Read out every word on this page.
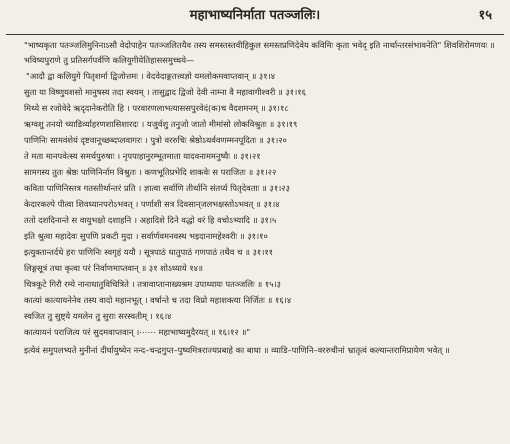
महाभाष्यनिर्माता पतञ्जलिः।	१५
"भाष्यकृता पतञ्जलिमुनिनाऽसौ वेदोपाहेन पतञ्जलितयैव तस्य समस्तस्तवीहिकुल समस्तप्रणिदेवेय कविमिः कृता भवेद् इति नार्थान्तरसंभावनेति" शिवशिरोमणयः ॥
भविष्यपुराणे तु प्रतिसर्गपर्वणि कलियुगीयेतिहाससमुच्चये—
"आदौ द्वा कलियुगे पितृशर्मा द्विजोत्तमः । वेदवेदाङ्गतत्त्वज्ञो यमलोकमवाप्तवान्‌ ॥ ३१।४
सुता या विष्णुयशसो मानुषस्य तदा स्वयम्‌ । तासुद्वाद द्विजो देवी नाम्ना वै महावागीश्वरी ॥ ३१।१६
मिथ्ये स रजोवेदे ऋदृदानेकरोति हि । परवारणलाभत्याससपुरवेदं(क)च वैदशमनम्‌ ॥ ३१।१८
ऋग्वशु तनयो च्याडिर्व्याहरणशासिशारदः । यजुर्वशु तनुजो जातो मीमांसो लोकविश्रुतः ॥ ३१।१९
पाणिनिः सामवंशेयं दृष्टवानूच्छब्दप्लवागरः । पुत्रो वररुचिः श्रेष्ठोऽथर्ववणम्मनपूदितः ॥ ३१।२०
ते मता मानपवेत्स्य समर्थपुरुषाः । नृपपाहानुरम्भूतमाता यादवनाममनुष्यैः ॥ ३१।२१
सामगस्य तुतः श्रेष्ठः पाणिनिर्नाम विश्रुतः । कणभूतिप्रभेदि शाकवेः स पराजितः ॥ ३१।२२
कविता पाणिनिस्तत्र गतस्तीर्थान्तरं प्रति । ज्ञात्वा सर्वाणि तीर्थानि संतर्प्य पितृदेवताः ॥ ३१।२३
केदारकल्पे पीत्वा शिवध्यानपरोऽभवत्‌ । पर्णाशी सत्र दिवसान्‌जलभक्षस्तोऽभवत्‌ ॥ ३१।४
ततो दशदिनान्ते स वायुभक्षो दशाहनि । अहादिशे दिने वद्धो वरं हि वचोऽभ्यादि ॥ ३१।५
इति श्रुत्वा महादेवः सुपणि प्रकटी मुदा । सर्वार्णवमनवस्थ भइदानामहेश्वरीः ॥ ३१।१०
इत्युक्तान्तर्दधे हरः पाणिनिः स्वगृहं ययौ । सूत्रपाठं धातुपाठं गणपाठं तथैव च ॥ ३१।११
लिङ्गसूत्रं तथा कृत्वा परं निर्वाणमाप्तवान्‌ ॥ ३१ शोऽध्याये १४॥
चित्रकूटे गिरौ रम्ये नानाधातुविचित्रिते । तत्रावाप्तानाख्यश्रम उपाध्यायः पतञ्जलिः ॥ १५।३
कात्यां कात्यायनेनेव तस्य वादो महानभूत्‌ । वर्षान्ते च तदा विप्रो महाशक्त्या निर्जितः ॥ १६।४
स्वजित तु सुष्ट्ये यमलेन तु सुराः सरस्वतीम्‌ । १६।४
कात्यायनं पराजित्य परं सुदमवाप्तवान्‌ ।⋯⋯ महाभाष्यमुदैरयत् ॥ १६।१२ ॥"
इत्येवं समुपलभ्यते मुनीनां दीर्घायुष्येन नन्द–चन्द्रगुप्त–पुष्यमित्रराज्यप्रबाहे का बाधा ॥ व्याडि–पाणिनि–वररुचीनां भ्रातृत्वं कल्यान्तरामिप्रायेण भवेत् ॥
